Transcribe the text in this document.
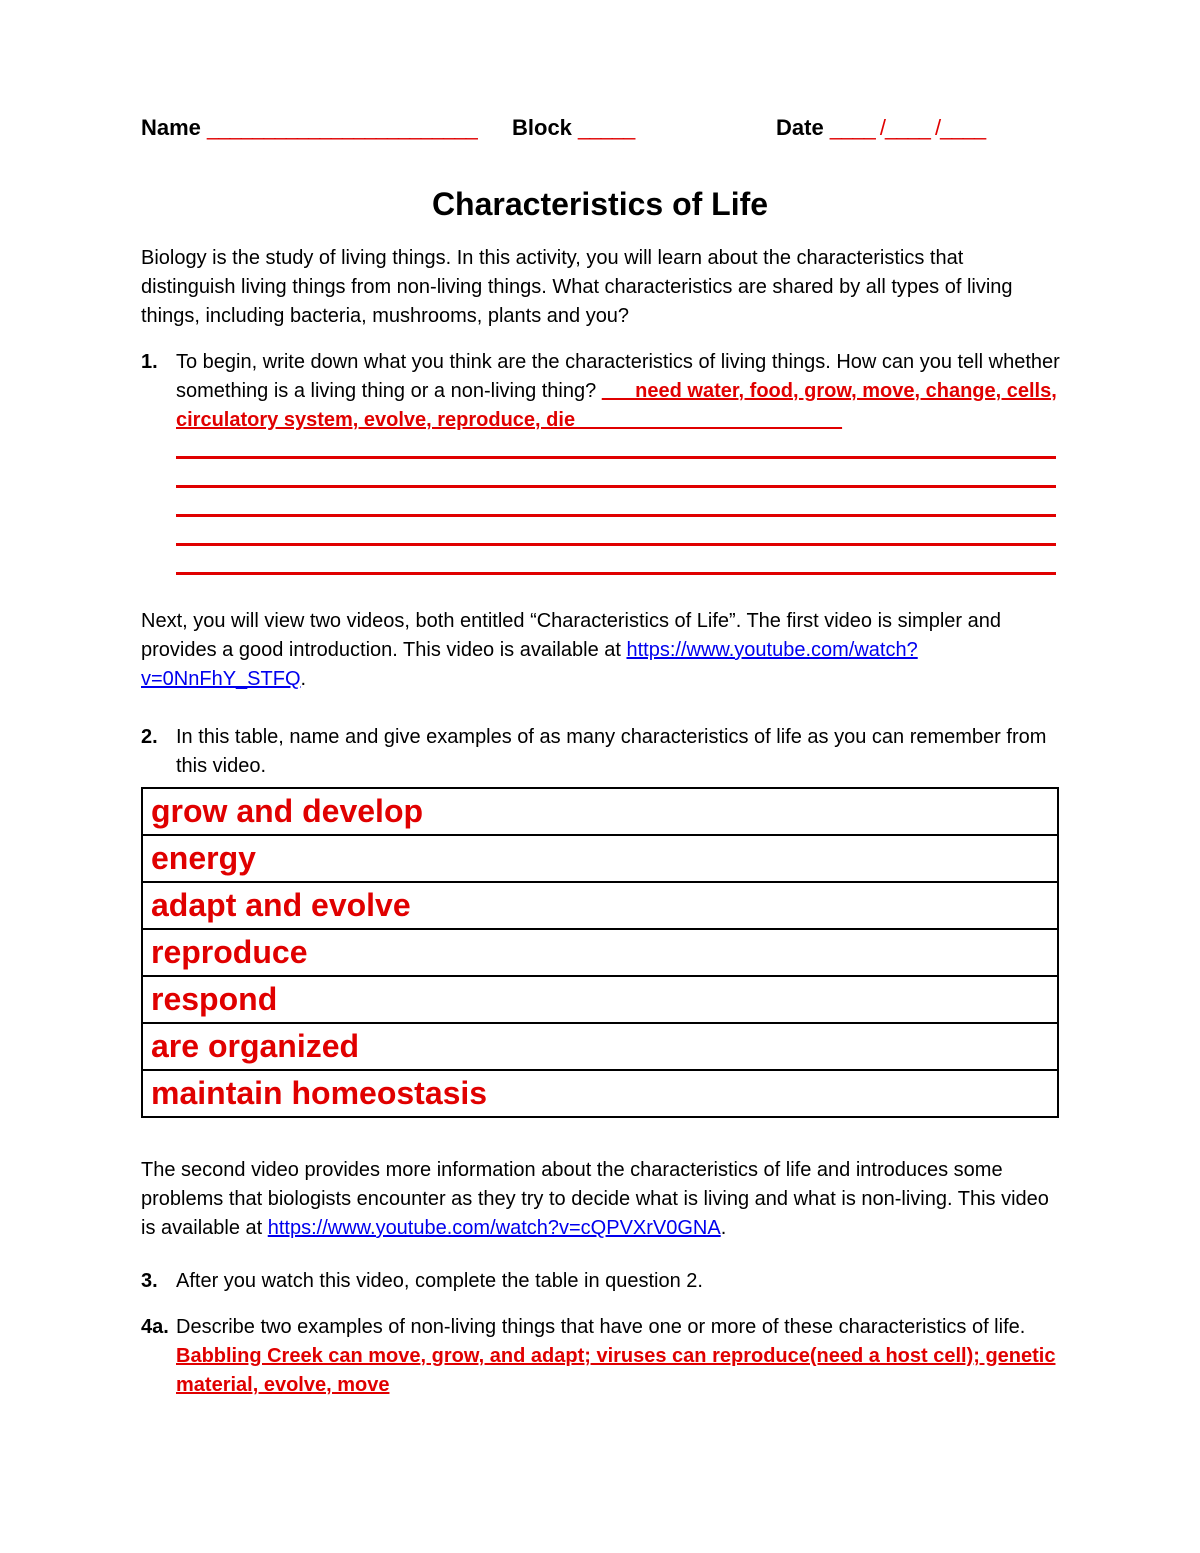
Name ________________________ Block _____	Date ____ /____ /____
Characteristics of Life

Biology is the study of living things. In this activity, you will learn about the characteristics that distinguish living things from non-living things. What characteristics are shared by all types of living things, including bacteria, mushrooms, plants and you?

1. To begin, write down what you think are the characteristics of living things. How can you tell whether something is a living thing or a non-living thing? ___need water, food, grow, move, change, cells, circulatory system, evolve, reproduce, die________________________

Next, you will view two videos, both entitled “Characteristics of Life”. The first video is simpler and provides a good introduction. This video is available at https://www.youtube.com/watch?v=0NnFhY_STFQ.

2. In this table, name and give examples of as many characteristics of life as you can remember from this video.
grow and develop
energy
adapt and evolve
reproduce
respond
are organized
maintain homeostasis

The second video provides more information about the characteristics of life and introduces some problems that biologists encounter as they try to decide what is living and what is non-living. This video is available at https://www.youtube.com/watch?v=cQPVXrV0GNA.

3. After you watch this video, complete the table in question 2.
4a. Describe two examples of non-living things that have one or more of these characteristics of life. Babbling Creek can move, grow, and adapt; viruses can reproduce(need a host cell); genetic material, evolve, move
